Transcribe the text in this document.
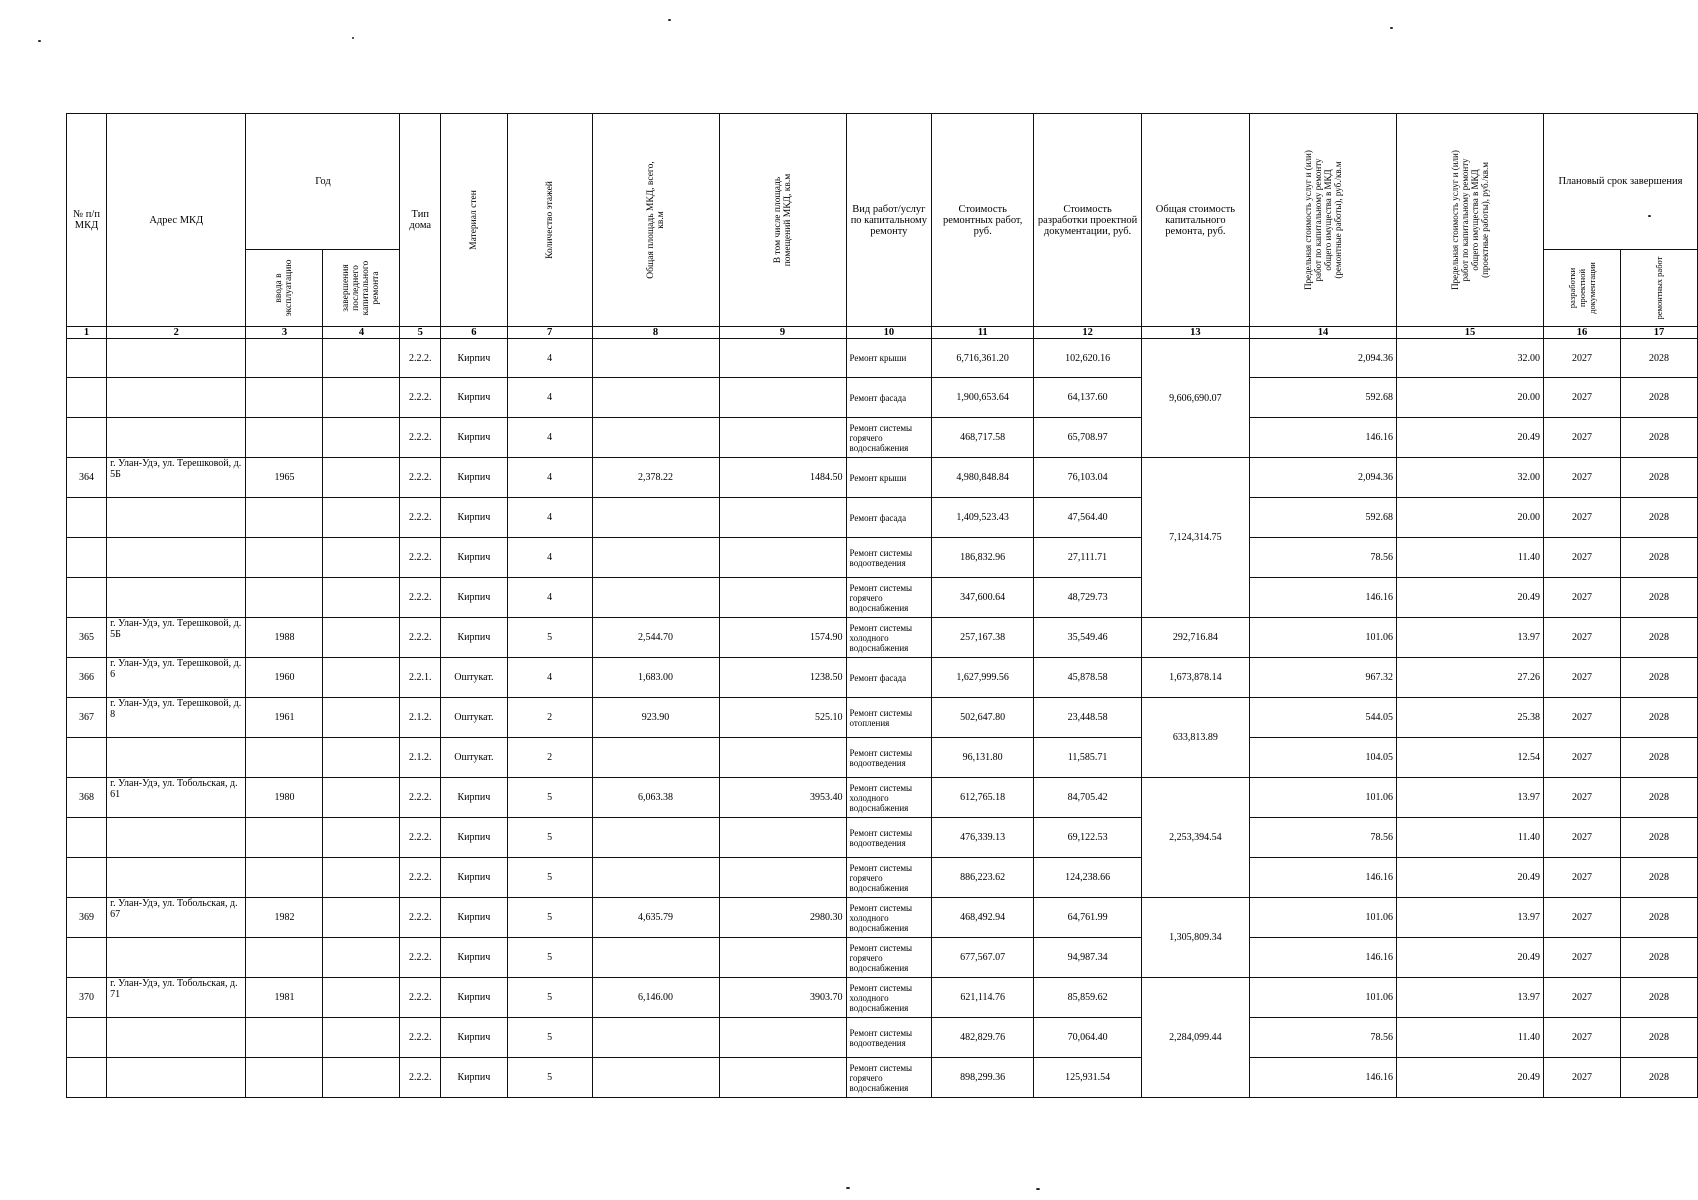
№ п/п МКД	Адрес МКД	Год		Тип дома	Материал стен	Количество этажей	Общая площадь МКД, всего, кв.м	В том числе площадь помещений МКД, кв.м	Вид работ/услуг по капитальному ремонту	Стоимость ремонтных работ, руб.	Стоимость разработки проектной документации, руб.	Общая стоимость капитального ремонта, руб.	Предельная стоимость услуг и (или) работ по капитальному ремонту общего имущества в МКД (ремонтные работы), руб./кв.м	Предельная стоимость услуг и (или) работ по капитальному ремонту общего имущества в МКД (проектные работы), руб./кв.м	Плановый срок завершения	

		ввода в эксплуатацию	завершения последнего капитального ремонта												разработки проектной документации	ремонтных работ

1	2	3	4	5	6	7	8	9	10	11	12	13	14	15	16	17
				2.2.2.	Кирпич	4			Ремонт крыши	6,716,361.20	102,620.16	9,606,690.07	2,094.36	32.00	2027	2028
				2.2.2.	Кирпич	4			Ремонт фасада	1,900,653.64	64,137.60		592.68	20.00	2027	2028
				2.2.2.	Кирпич	4			Ремонт системы горячего водоснабжения	468,717.58	65,708.97		146.16	20.49	2027	2028
364	г. Улан-Удэ, ул. Терешковой, д. 5Б	1965		2.2.2.	Кирпич	4	2,378.22	1484.50	Ремонт крыши	4,980,848.84	76,103.04	7,124,314.75	2,094.36	32.00	2027	2028
				2.2.2.	Кирпич	4			Ремонт фасада	1,409,523.43	47,564.40		592.68	20.00	2027	2028
				2.2.2.	Кирпич	4			Ремонт системы водоотведения	186,832.96	27,111.71		78.56	11.40	2027	2028
				2.2.2.	Кирпич	4			Ремонт системы горячего водоснабжения	347,600.64	48,729.73		146.16	20.49	2027	2028
365	г. Улан-Удэ, ул. Терешковой, д. 5Б	1988		2.2.2.	Кирпич	5	2,544.70	1574.90	Ремонт системы холодного водоснабжения	257,167.38	35,549.46	292,716.84	101.06	13.97	2027	2028
366	г. Улан-Удэ, ул. Терешковой, д. 6	1960		2.2.1.	Оштукат.	4	1,683.00	1238.50	Ремонт фасада	1,627,999.56	45,878.58	1,673,878.14	967.32	27.26	2027	2028
367	г. Улан-Удэ, ул. Терешковой, д. 8	1961		2.1.2.	Оштукат.	2	923.90	525.10	Ремонт системы отопления	502,647.80	23,448.58	633,813.89	544.05	25.38	2027	2028
				2.1.2.	Оштукат.	2			Ремонт системы водоотведения	96,131.80	11,585.71		104.05	12.54	2027	2028
368	г. Улан-Удэ, ул. Тобольская, д. 61	1980		2.2.2.	Кирпич	5	6,063.38	3953.40	Ремонт системы холодного водоснабжения	612,765.18	84,705.42	2,253,394.54	101.06	13.97	2027	2028
				2.2.2.	Кирпич	5			Ремонт системы водоотведения	476,339.13	69,122.53		78.56	11.40	2027	2028
				2.2.2.	Кирпич	5			Ремонт системы горячего водоснабжения	886,223.62	124,238.66		146.16	20.49	2027	2028
369	г. Улан-Удэ, ул. Тобольская, д. 67	1982		2.2.2.	Кирпич	5	4,635.79	2980.30	Ремонт системы холодного водоснабжения	468,492.94	64,761.99	1,305,809.34	101.06	13.97	2027	2028
				2.2.2.	Кирпич	5			Ремонт системы горячего водоснабжения	677,567.07	94,987.34		146.16	20.49	2027	2028
370	г. Улан-Удэ, ул. Тобольская, д. 71	1981		2.2.2.	Кирпич	5	6,146.00	3903.70	Ремонт системы холодного водоснабжения	621,114.76	85,859.62	2,284,099.44	101.06	13.97	2027	2028
				2.2.2.	Кирпич	5			Ремонт системы водоотведения	482,829.76	70,064.40		78.56	11.40	2027	2028
				2.2.2.	Кирпич	5			Ремонт системы горячего водоснабжения	898,299.36	125,931.54		146.16	20.49	2027	2028
